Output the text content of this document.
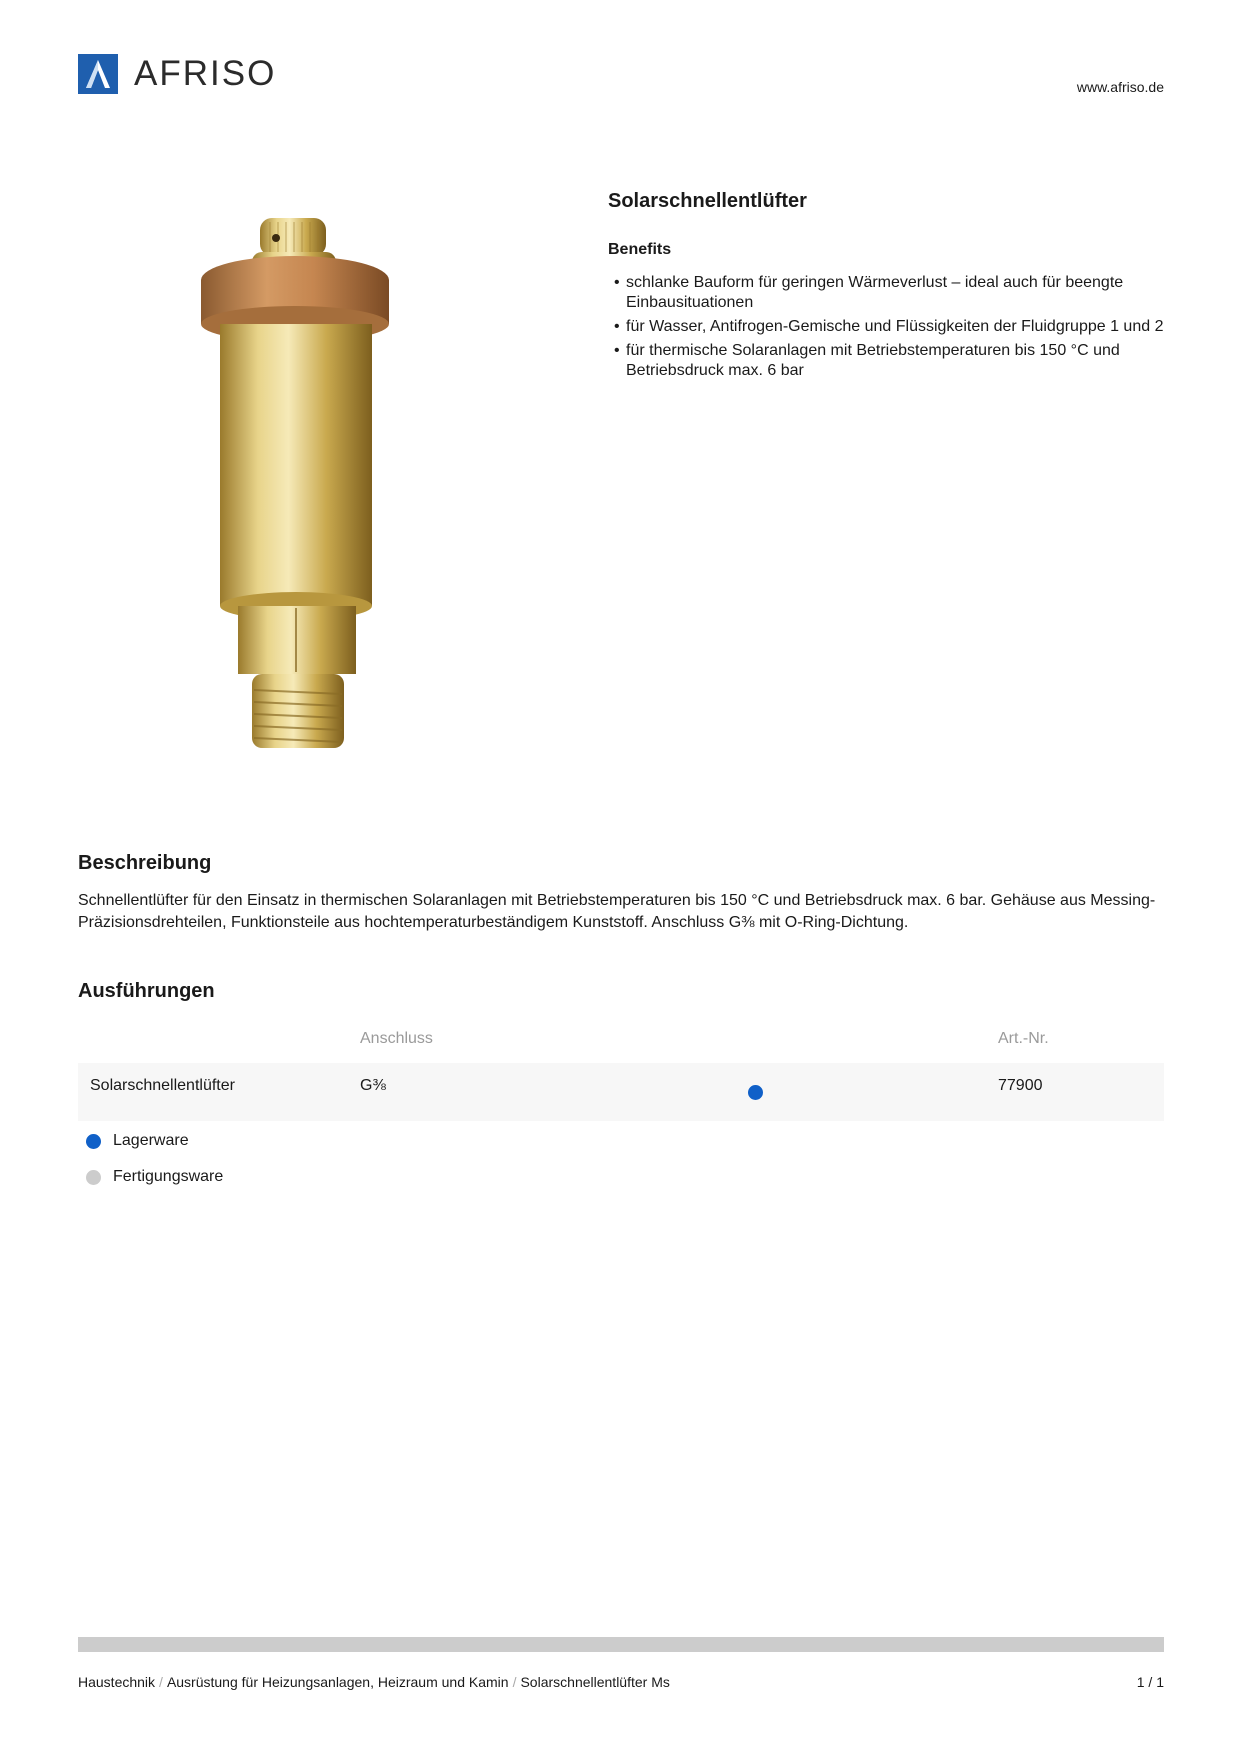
AFRISO	www.afriso.de
Solarschnellentlüfter
Benefits
• schlanke Bauform für geringen Wärmeverlust – ideal auch für beengte Einbausituationen
• für Wasser, Antifrogen-Gemische und Flüssigkeiten der Fluidgruppe 1 und 2
• für thermische Solaranlagen mit Betriebstemperaturen bis 150 °C und Betriebsdruck max. 6 bar
Beschreibung
Schnellentlüfter für den Einsatz in thermischen Solaranlagen mit Betriebstemperaturen bis 150 °C und Betriebsdruck max. 6 bar. Gehäuse aus Messing-Präzisionsdrehteilen, Funktionsteile aus hochtemperaturbeständigem Kunststoff. Anschluss G⅜ mit O-Ring-Dichtung.
Ausführungen
Anschluss	Art.-Nr.
Solarschnellentlüfter	G⅜	77900
Lagerware
Fertigungsware
Haustechnik / Ausrüstung für Heizungsanlagen, Heizraum und Kamin / Solarschnellentlüfter Ms	1 / 1
